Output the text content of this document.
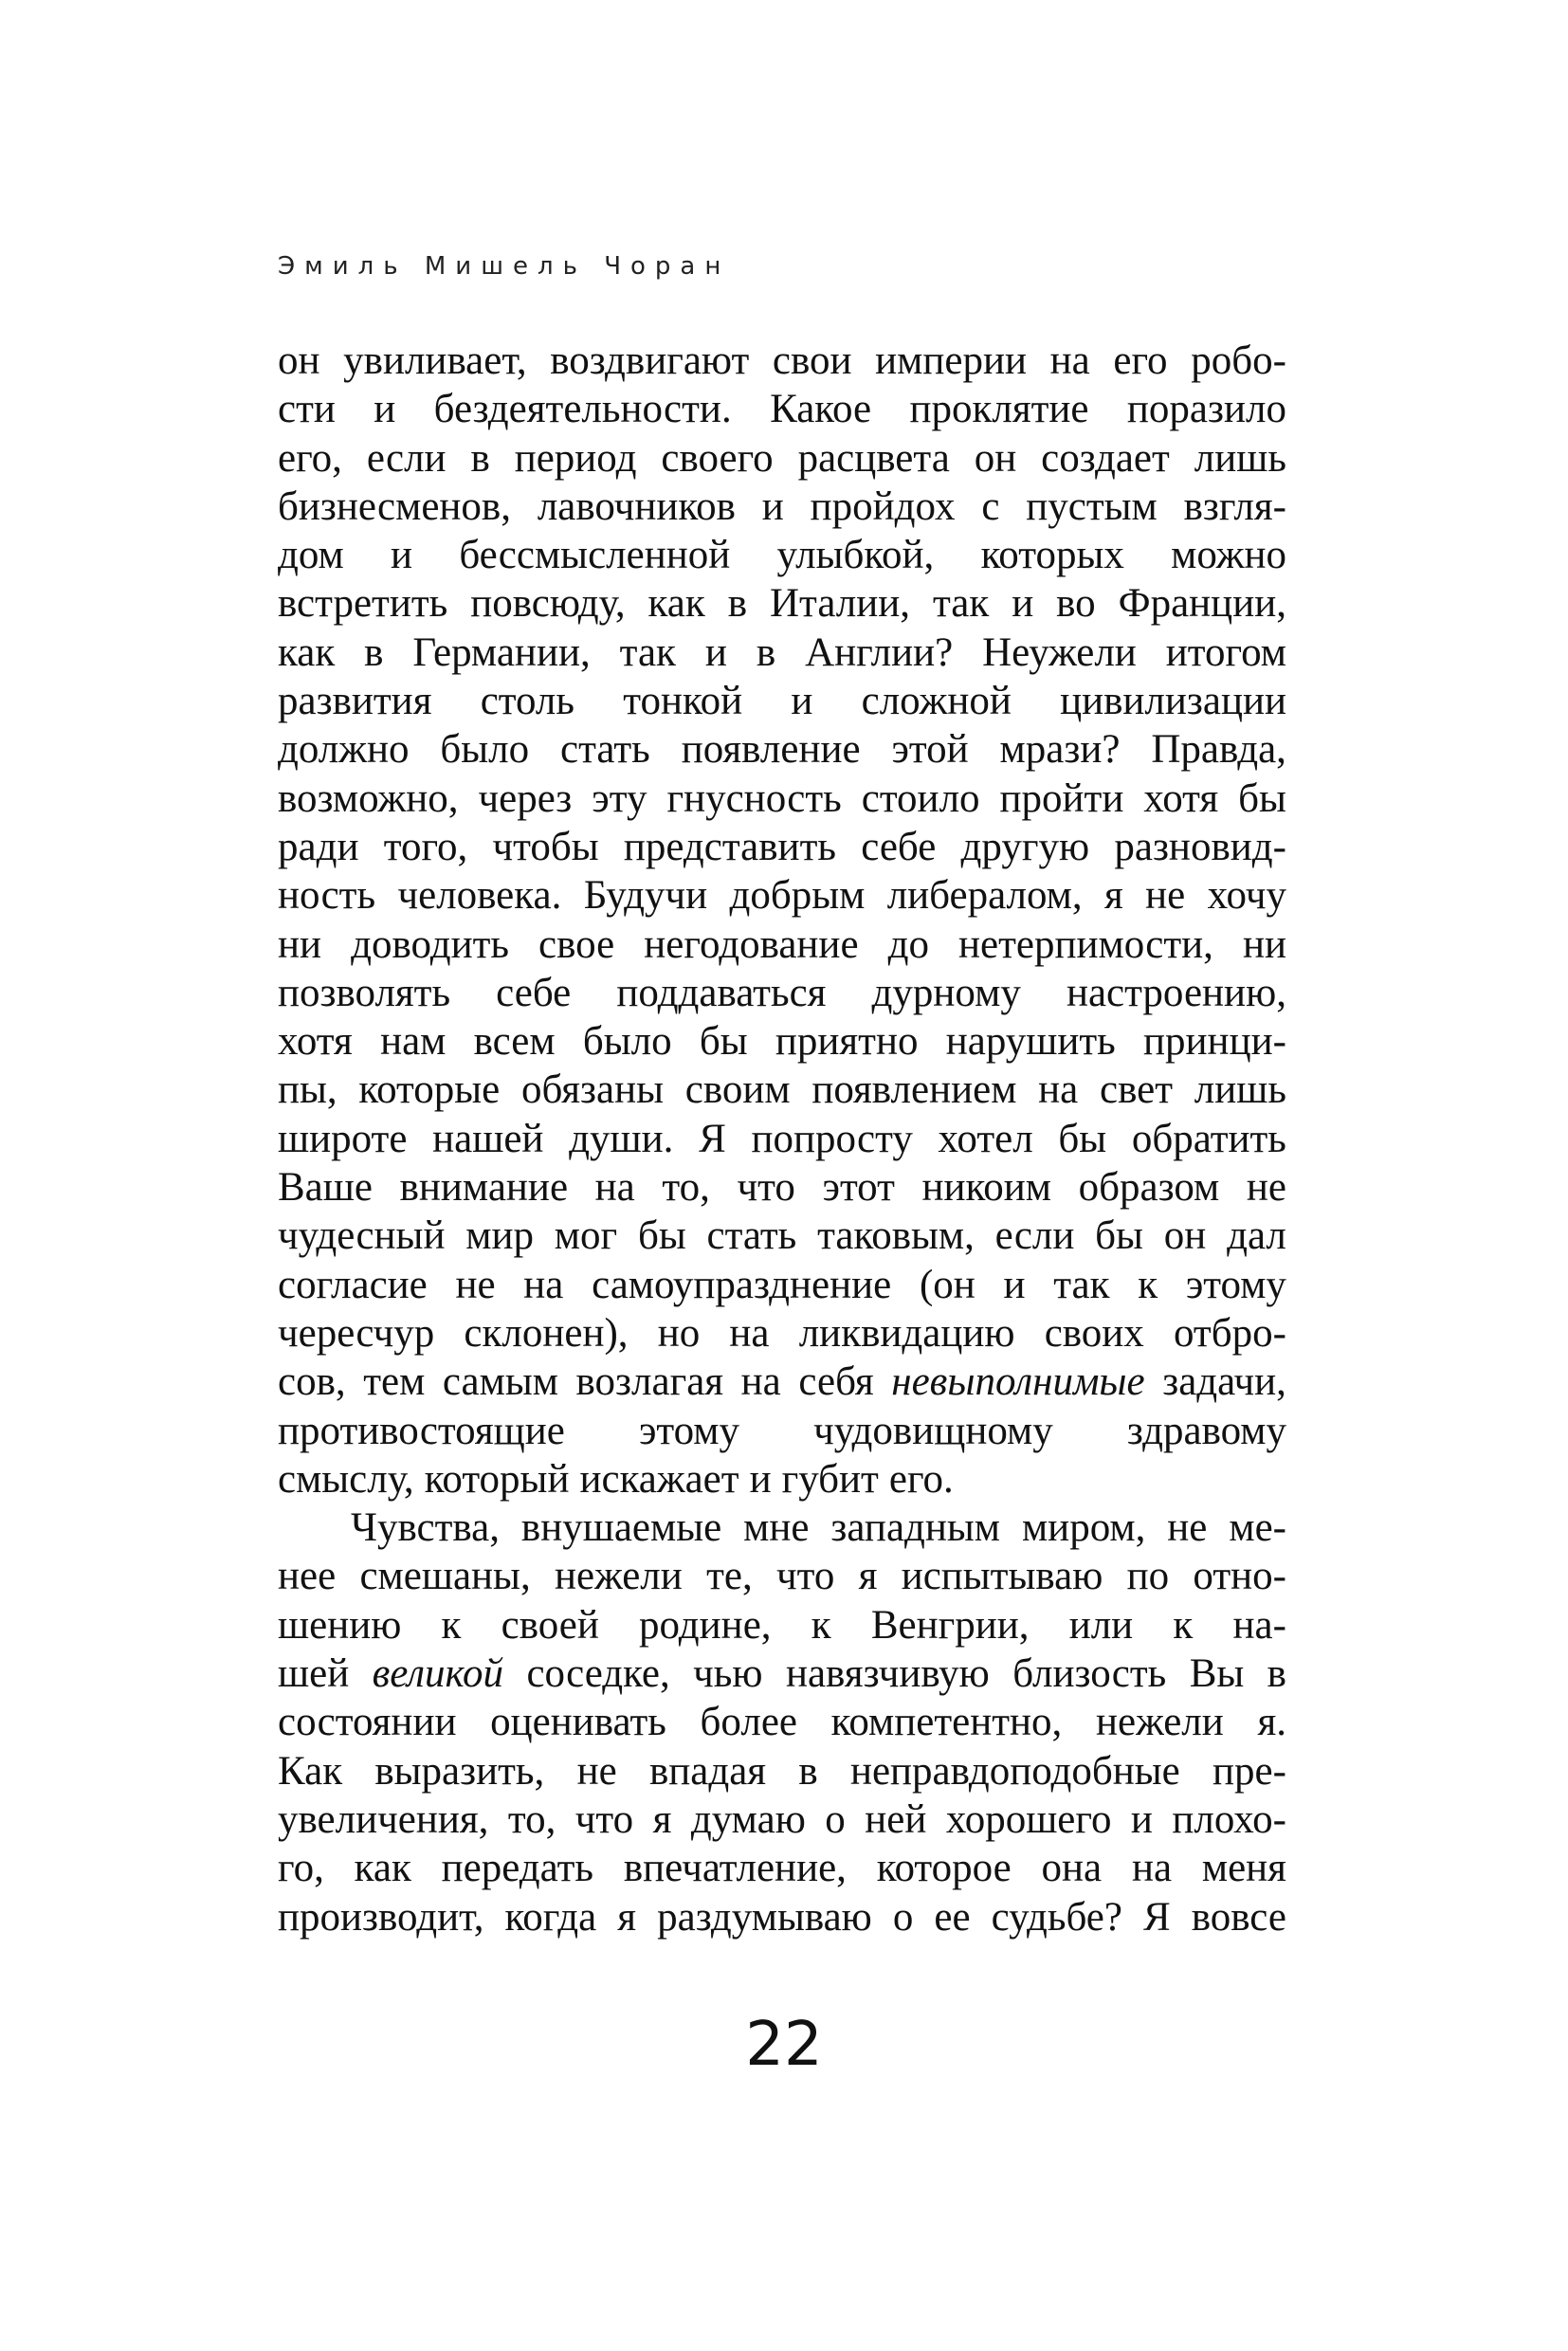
Эмиль Мишель Чоран
он увиливает, воздвигают свои империи на его робо-
сти и бездеятельности. Какое проклятие поразило
его, если в период своего расцвета он создает лишь
бизнесменов, лавочников и пройдох с пустым взгля-
дом и бессмысленной улыбкой, которых можно
встретить повсюду, как в Италии, так и во Франции,
как в Германии, так и в Англии? Неужели итогом
развития столь тонкой и сложной цивилизации
должно было стать появление этой мрази? Правда,
возможно, через эту гнусность стоило пройти хотя бы
ради того, чтобы представить себе другую разновид-
ность человека. Будучи добрым либералом, я не хочу
ни доводить свое негодование до нетерпимости, ни
позволять себе поддаваться дурному настроению,
хотя нам всем было бы приятно нарушить принци-
пы, которые обязаны своим появлением на свет лишь
широте нашей души. Я попросту хотел бы обратить
Ваше внимание на то, что этот никоим образом не
чудесный мир мог бы стать таковым, если бы он дал
согласие не на самоупразднение (он и так к этому
чересчур склонен), но на ликвидацию своих отбро-
сов, тем самым возлагая на себя невыполнимые задачи,
противостоящие этому чудовищному здравому
смыслу, который искажает и губит его.
Чувства, внушаемые мне западным миром, не ме-
нее смешаны, нежели те, что я испытываю по отно-
шению к своей родине, к Венгрии, или к на-
шей великой соседке, чью навязчивую близость Вы в
состоянии оценивать более компетентно, нежели я.
Как выразить, не впадая в неправдоподобные пре-
увеличения, то, что я думаю о ней хорошего и плохо-
го, как передать впечатление, которое она на меня
производит, когда я раздумываю о ее судьбе? Я вовсе
22
